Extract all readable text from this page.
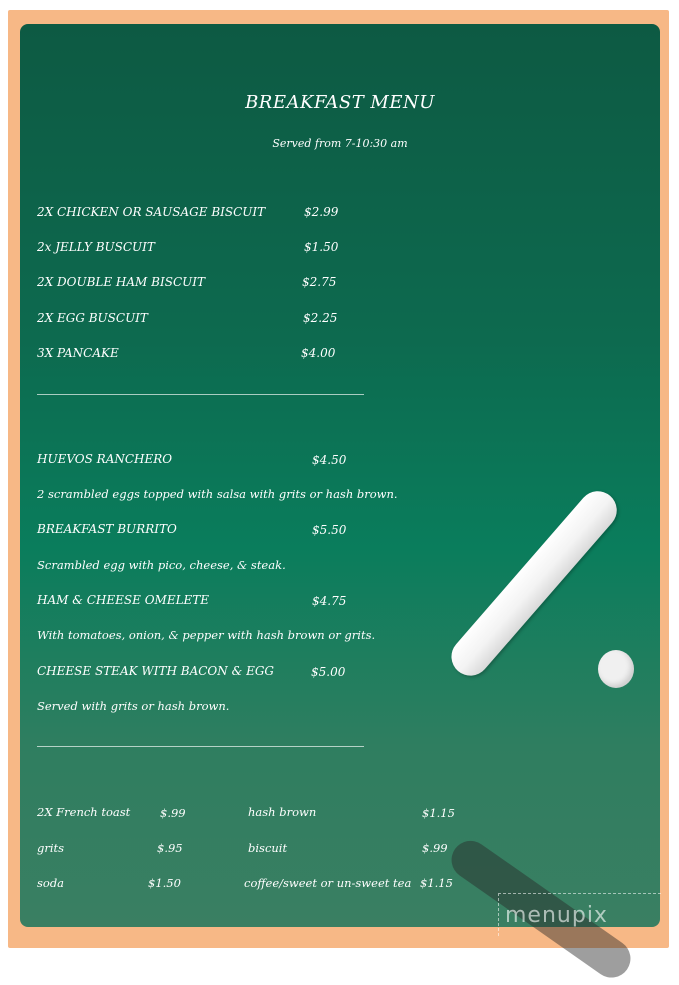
BREAKFAST MENU
Served from 7-10:30 am
2X CHICKEN OR SAUSAGE BISCUIT	$2.99
2x JELLY BUSCUIT	$1.50
2X DOUBLE HAM BISCUIT	$2.75
2X EGG BUSCUIT	$2.25
3X PANCAKE	$4.00
HUEVOS RANCHERO	$4.50
2 scrambled eggs topped with salsa with grits or hash brown.
BREAKFAST BURRITO	$5.50
Scrambled egg with pico, cheese, & steak.
HAM & CHEESE OMELETE	$4.75
With tomatoes, onion, & pepper with hash brown or grits.
CHEESE STEAK WITH BACON & EGG	$5.00
Served with grits or hash brown.
2X French toast	$.99	hash brown	$1.15
grits	$.95	biscuit	$.99
soda	$1.50	coffee/sweet or un-sweet tea $1.15
menupix
